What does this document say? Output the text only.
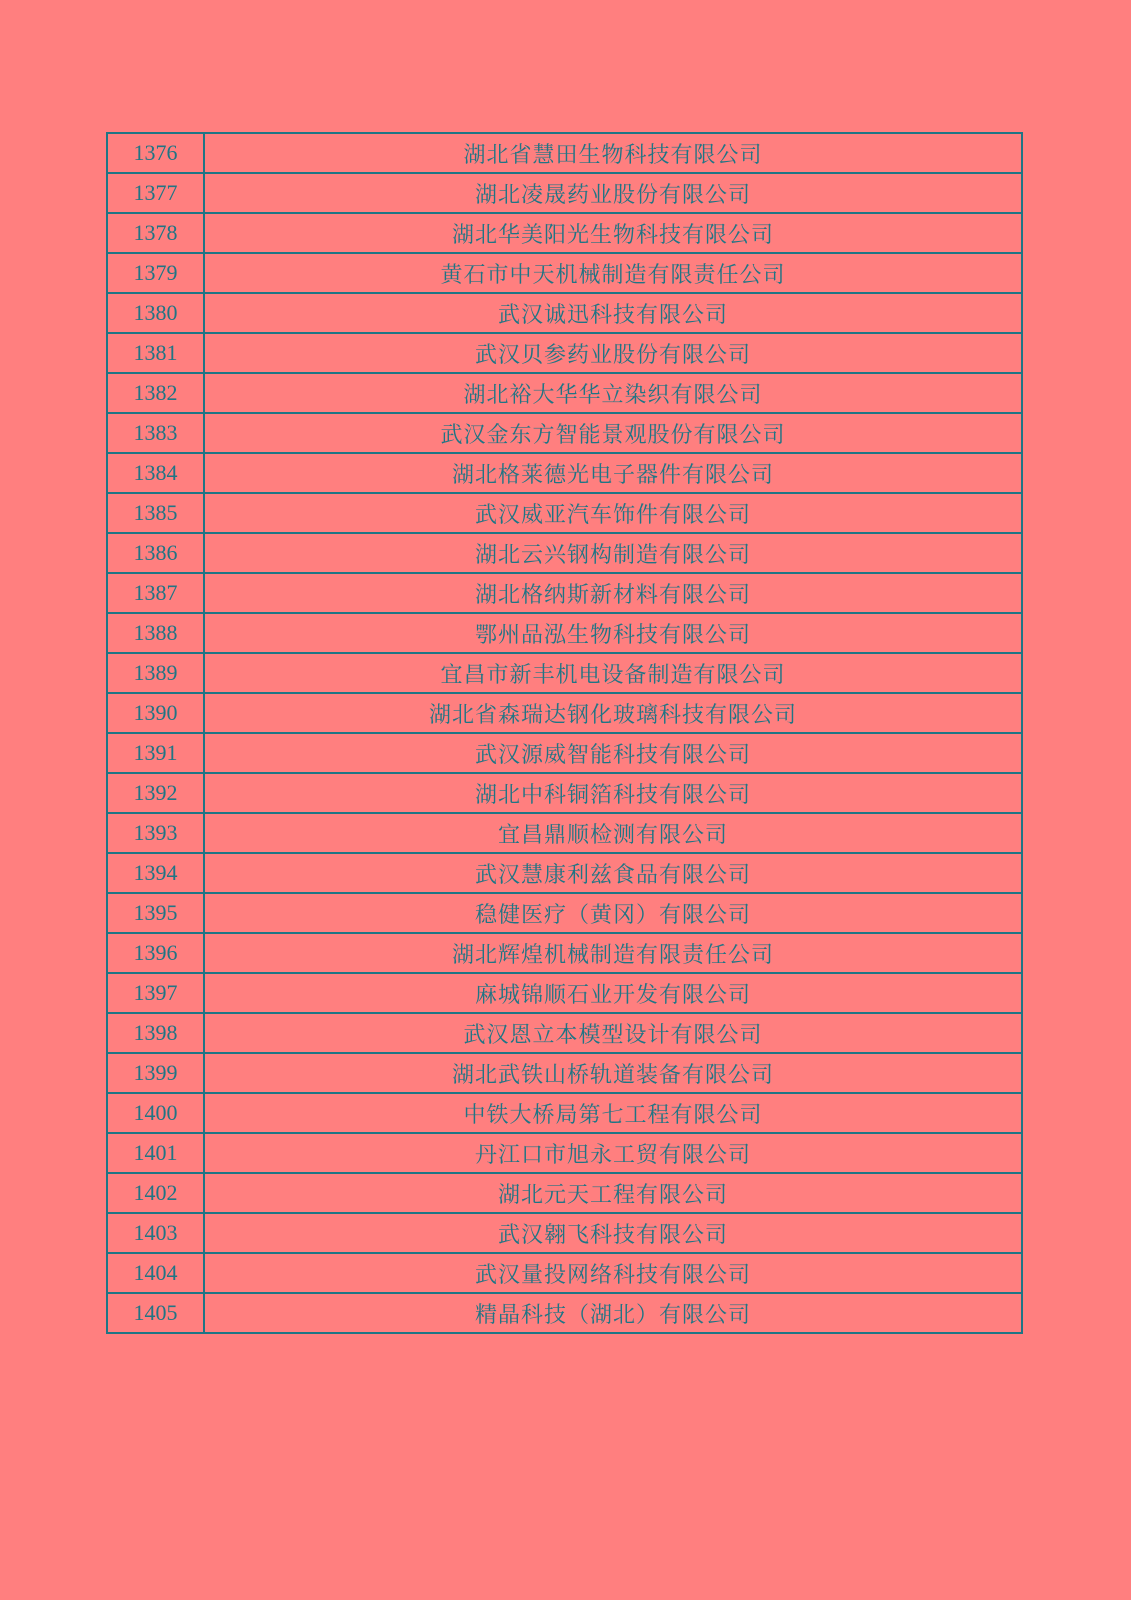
1376	湖北省慧田生物科技有限公司
1377	湖北凌晟药业股份有限公司
1378	湖北华美阳光生物科技有限公司
1379	黄石市中天机械制造有限责任公司
1380	武汉诚迅科技有限公司
1381	武汉贝参药业股份有限公司
1382	湖北裕大华华立染织有限公司
1383	武汉金东方智能景观股份有限公司
1384	湖北格莱德光电子器件有限公司
1385	武汉威亚汽车饰件有限公司
1386	湖北云兴钢构制造有限公司
1387	湖北格纳斯新材料有限公司
1388	鄂州品泓生物科技有限公司
1389	宜昌市新丰机电设备制造有限公司
1390	湖北省森瑞达钢化玻璃科技有限公司
1391	武汉源威智能科技有限公司
1392	湖北中科铜箔科技有限公司
1393	宜昌鼎顺检测有限公司
1394	武汉慧康利兹食品有限公司
1395	稳健医疗（黄冈）有限公司
1396	湖北辉煌机械制造有限责任公司
1397	麻城锦顺石业开发有限公司
1398	武汉恩立本模型设计有限公司
1399	湖北武铁山桥轨道装备有限公司
1400	中铁大桥局第七工程有限公司
1401	丹江口市旭永工贸有限公司
1402	湖北元天工程有限公司
1403	武汉翱飞科技有限公司
1404	武汉量投网络科技有限公司
1405	精晶科技（湖北）有限公司
